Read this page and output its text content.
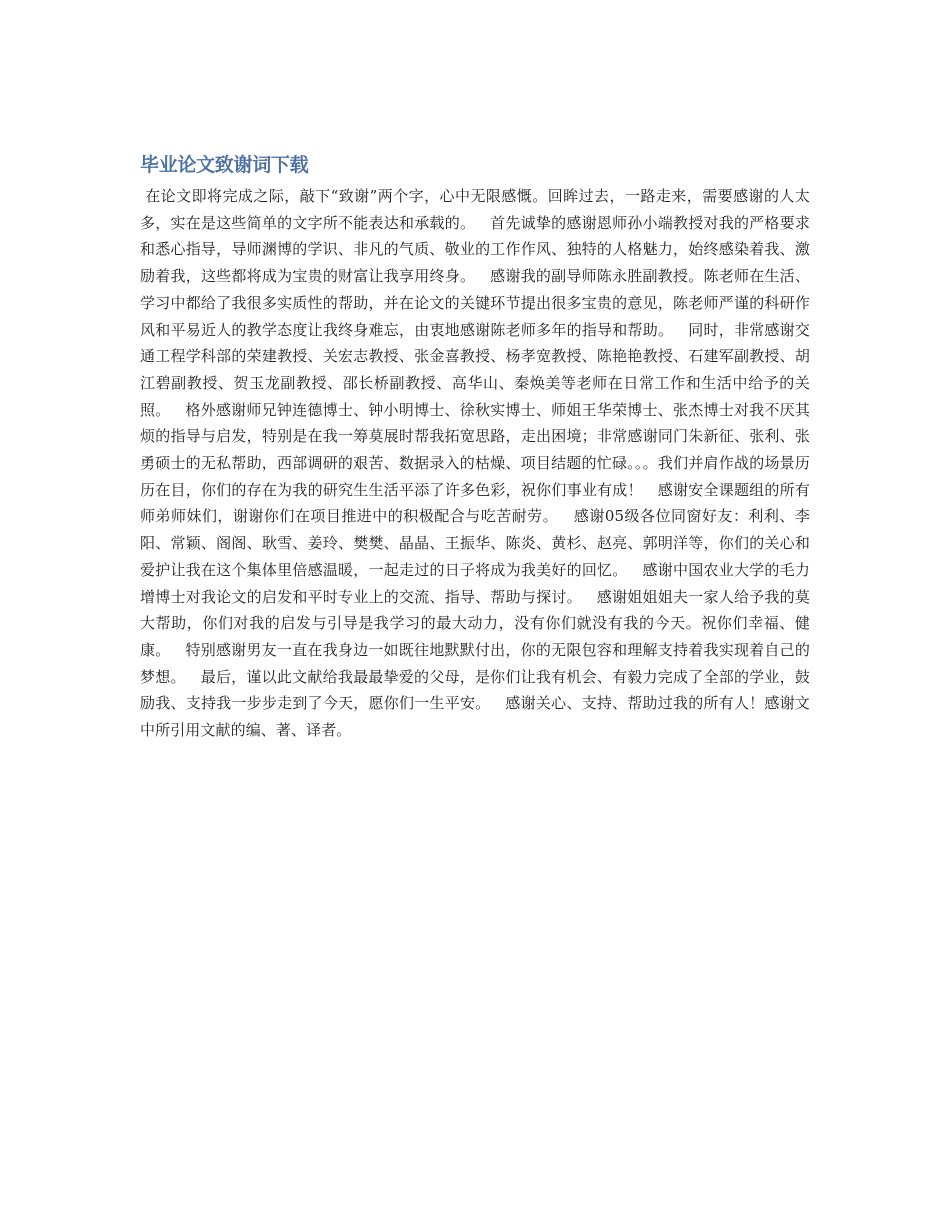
毕业论文致谢词下载

在论文即将完成之际，敲下“致谢”两个字，心中无限感慨。回眸过去，一路走来，需要感谢的人太多，实在是这些简单的文字所不能表达和承载的。   首先诚挚的感谢恩师孙小端教授对我的严格要求和悉心指导，导师渊博的学识、非凡的气质、敬业的工作作风、独特的人格魅力，始终感染着我、激励着我，这些都将成为宝贵的财富让我享用终身。   感谢我的副导师陈永胜副教授。陈老师在生活、学习中都给了我很多实质性的帮助，并在论文的关键环节提出很多宝贵的意见，陈老师严谨的科研作风和平易近人的教学态度让我终身难忘，由衷地感谢陈老师多年的指导和帮助。   同时，非常感谢交通工程学科部的荣建教授、关宏志教授、张金喜教授、杨孝宽教授、陈艳艳教授、石建军副教授、胡江碧副教授、贺玉龙副教授、邵长桥副教授、高华山、秦焕美等老师在日常工作和生活中给予的关照。   格外感谢师兄钟连德博士、钟小明博士、徐秋实博士、师姐王华荣博士、张杰博士对我不厌其烦的指导与启发，特别是在我一筹莫展时帮我拓宽思路，走出困境；非常感谢同门朱新征、张利、张勇硕士的无私帮助，西部调研的艰苦、数据录入的枯燥、项目结题的忙碌。。。我们并肩作战的场景历历在目，你们的存在为我的研究生生活平添了许多色彩，祝你们事业有成！   感谢安全课题组的所有师弟师妹们，谢谢你们在项目推进中的积极配合与吃苦耐劳。   感谢05级各位同窗好友：利利、李阳、常颖、阁阁、耿雪、姜玲、樊樊、晶晶、王振华、陈炎、黄杉、赵亮、郭明洋等，你们的关心和爱护让我在这个集体里倍感温暖，一起走过的日子将成为我美好的回忆。   感谢中国农业大学的毛力增博士对我论文的启发和平时专业上的交流、指导、帮助与探讨。   感谢姐姐姐夫一家人给予我的莫大帮助，你们对我的启发与引导是我学习的最大动力，没有你们就没有我的今天。祝你们幸福、健康。   特别感谢男友一直在我身边一如既往地默默付出，你的无限包容和理解支持着我实现着自己的梦想。   最后，谨以此文献给我最最挚爱的父母，是你们让我有机会、有毅力完成了全部的学业，鼓励我、支持我一步步走到了今天，愿你们一生平安。   感谢关心、支持、帮助过我的所有人！感谢文中所引用文献的编、著、译者。
